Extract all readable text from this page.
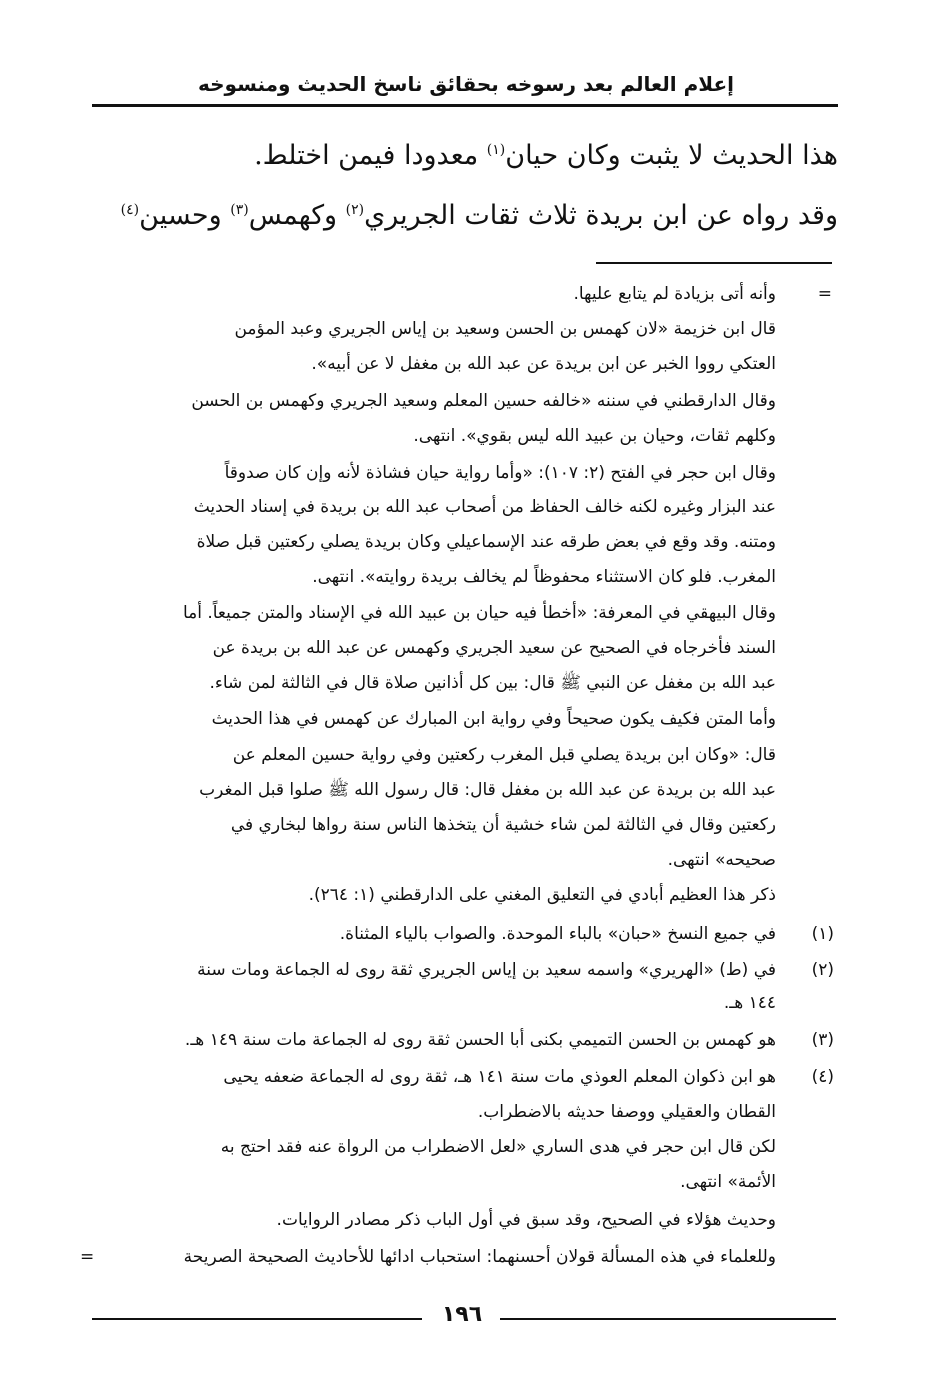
إعلام العالم بعد رسوخه بحقائق ناسخ الحديث ومنسوخه
هذا الحديث لا يثبت وكان حيان$^{(١)}$ معدودا فيمن اختلط.
وقد رواه عن ابن بريدة ثلاث ثقات الجريري$^{(٢)}$ وكهمس$^{(٣)}$ وحسين$^{(٤)}$
=
وأنه أتى بزيادة لم يتابع عليها.
قال ابن خزيمة «لان كهمس بن الحسن وسعيد بن إياس الجريري وعبد المؤمن
العتكي رووا الخبر عن ابن بريدة عن عبد الله بن مغفل لا عن أبيه».
وقال الدارقطني في سننه «خالفه حسين المعلم وسعيد الجريري وكهمس بن الحسن
وكلهم ثقات، وحيان بن عبيد الله ليس بقوي». انتهى.
وقال ابن حجر في الفتح (٢: ١٠٧): «وأما رواية حيان فشاذة لأنه وإن كان صدوقاً
عند البزار وغيره لكنه خالف الحفاظ من أصحاب عبد الله بن بريدة في إسناد الحديث
ومتنه. وقد وقع في بعض طرقه عند الإسماعيلي وكان بريدة يصلي ركعتين قبل صلاة
المغرب. فلو كان الاستثناء محفوظاً لم يخالف بريدة روايته». انتهى.
وقال البيهقي في المعرفة: «أخطأ فيه حيان بن عبيد الله في الإسناد والمتن جميعاً. أما
السند فأخرجاه في الصحيح عن سعيد الجريري وكهمس عن عبد الله بن بريدة عن
عبد الله بن مغفل عن النبي ﷺ قال: بين كل أذانين صلاة قال في الثالثة لمن شاء.
وأما المتن فكيف يكون صحيحاً وفي رواية ابن المبارك عن كهمس في هذا الحديث
قال: «وكان ابن بريدة يصلي قبل المغرب ركعتين وفي رواية حسين المعلم عن
عبد الله بن بريدة عن عبد الله بن مغفل قال: قال رسول الله ﷺ صلوا قبل المغرب
ركعتين وقال في الثالثة لمن شاء خشية أن يتخذها الناس سنة رواها لبخاري في
صحيحه» انتهى.
ذكر هذا العظيم أبادي في التعليق المغني على الدارقطني (١: ٢٦٤).
(١)
في جميع النسخ «حبان» بالباء الموحدة. والصواب بالياء المثناة.
(٢)
في (ط) «الهريري» واسمه سعيد بن إياس الجريري ثقة روى له الجماعة ومات سنة
١٤٤ هـ.
(٣)
هو كهمس بن الحسن التميمي بكنى أبا الحسن ثقة روى له الجماعة مات سنة ١٤٩ هـ.
(٤)
هو ابن ذكوان المعلم العوذي مات سنة ١٤١ هـ، ثقة روى له الجماعة ضعفه يحيى
القطان والعقيلي ووصفا حديثه بالاضطراب.
لكن قال ابن حجر في هدى الساري «لعل الاضطراب من الرواة عنه فقد احتج به
الأئمة» انتهى.
وحديث هؤلاء في الصحيح، وقد سبق في أول الباب ذكر مصادر الروايات.
وللعلماء في هذه المسألة قولان أحسنهما: استحباب ادائها للأحاديث الصحيحة الصريحة
=
١٩٦
